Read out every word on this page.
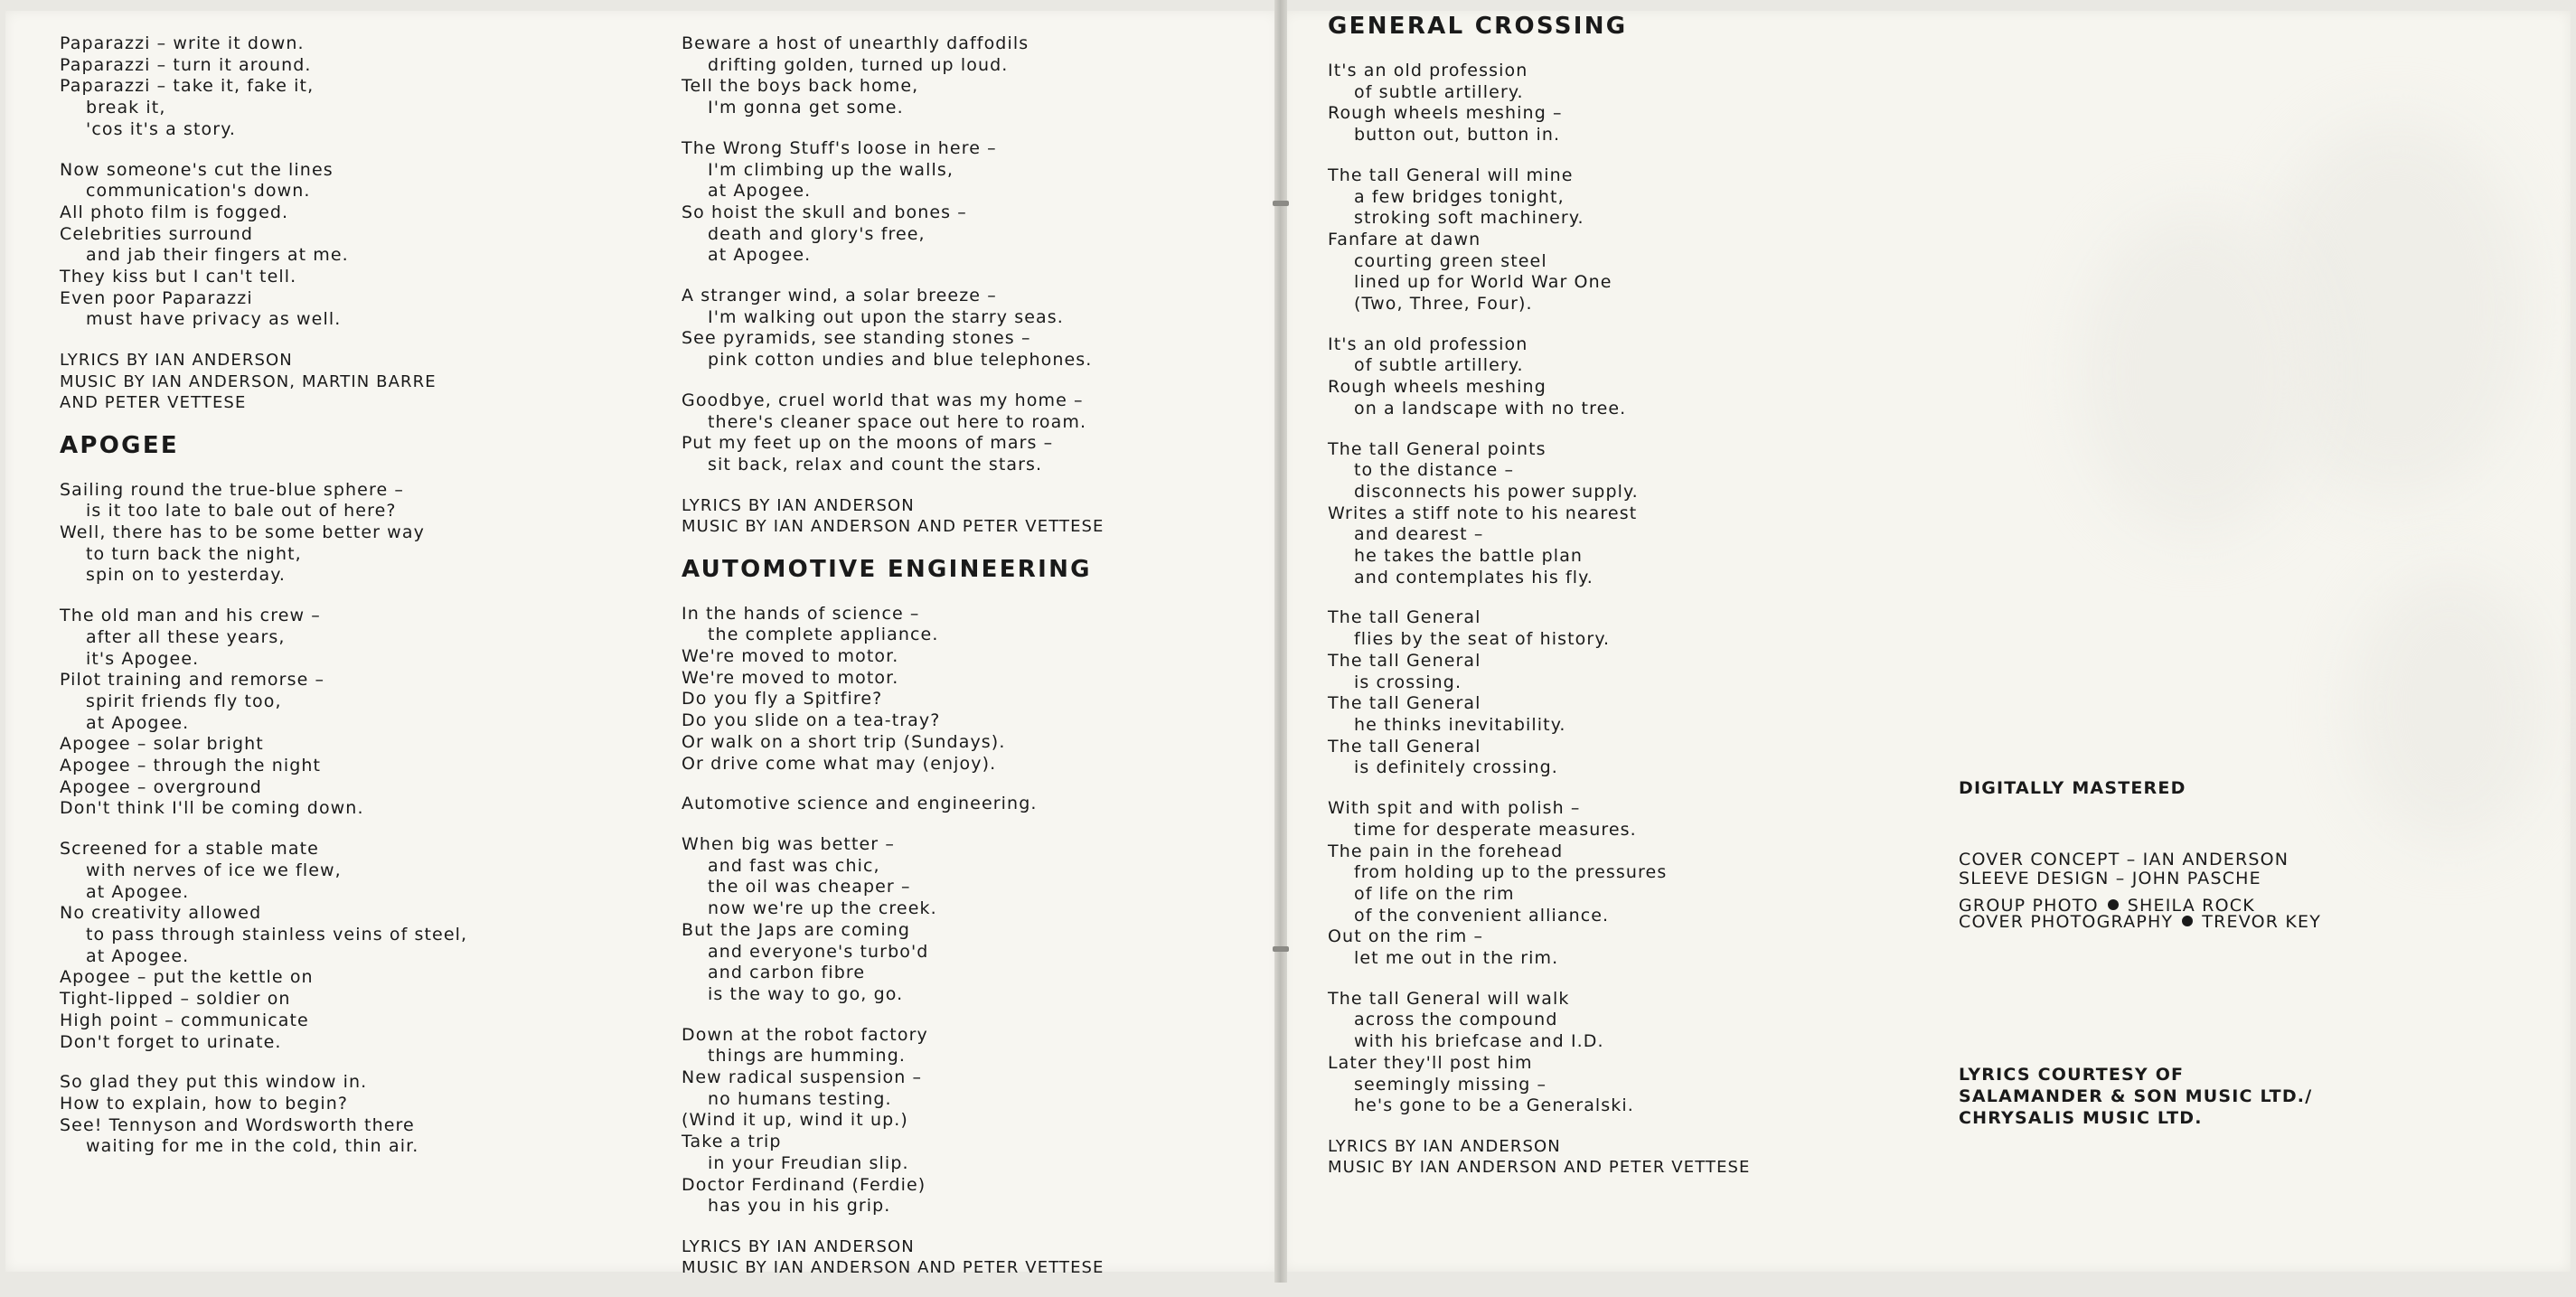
Paparazzi – write it down.
Paparazzi – turn it around.
Paparazzi – take it, fake it,
break it,
'cos it's a story.
Now someone's cut the lines
communication's down.
All photo film is fogged.
Celebrities surround
and jab their fingers at me.
They kiss but I can't tell.
Even poor Paparazzi
must have privacy as well.
LYRICS BY IAN ANDERSON
MUSIC BY IAN ANDERSON, MARTIN BARRE
AND PETER VETTESE
APOGEE
Sailing round the true-blue sphere –
is it too late to bale out of here?
Well, there has to be some better way
to turn back the night,
spin on to yesterday.
The old man and his crew –
after all these years,
it's Apogee.
Pilot training and remorse –
spirit friends fly too,
at Apogee.
Apogee – solar bright
Apogee – through the night
Apogee – overground
Don't think I'll be coming down.
Screened for a stable mate
with nerves of ice we flew,
at Apogee.
No creativity allowed
to pass through stainless veins of steel,
at Apogee.
Apogee – put the kettle on
Tight-lipped – soldier on
High point – communicate
Don't forget to urinate.
So glad they put this window in.
How to explain, how to begin?
See! Tennyson and Wordsworth there
waiting for me in the cold, thin air.
Beware a host of unearthly daffodils
drifting golden, turned up loud.
Tell the boys back home,
I'm gonna get some.
The Wrong Stuff's loose in here –
I'm climbing up the walls,
at Apogee.
So hoist the skull and bones –
death and glory's free,
at Apogee.
A stranger wind, a solar breeze –
I'm walking out upon the starry seas.
See pyramids, see standing stones –
pink cotton undies and blue telephones.
Goodbye, cruel world that was my home –
there's cleaner space out here to roam.
Put my feet up on the moons of mars –
sit back, relax and count the stars.
LYRICS BY IAN ANDERSON
MUSIC BY IAN ANDERSON AND PETER VETTESE
AUTOMOTIVE ENGINEERING
In the hands of science –
the complete appliance.
We're moved to motor.
We're moved to motor.
Do you fly a Spitfire?
Do you slide on a tea-tray?
Or walk on a short trip (Sundays).
Or drive come what may (enjoy).
Automotive science and engineering.
When big was better –
and fast was chic,
the oil was cheaper –
now we're up the creek.
But the Japs are coming
and everyone's turbo'd
and carbon fibre
is the way to go, go.
Down at the robot factory
things are humming.
New radical suspension –
no humans testing.
(Wind it up, wind it up.)
Take a trip
in your Freudian slip.
Doctor Ferdinand (Ferdie)
has you in his grip.
LYRICS BY IAN ANDERSON
MUSIC BY IAN ANDERSON AND PETER VETTESE
GENERAL CROSSING
It's an old profession
of subtle artillery.
Rough wheels meshing –
button out, button in.
The tall General will mine
a few bridges tonight,
stroking soft machinery.
Fanfare at dawn
courting green steel
lined up for World War One
(Two, Three, Four).
It's an old profession
of subtle artillery.
Rough wheels meshing
on a landscape with no tree.
The tall General points
to the distance –
disconnects his power supply.
Writes a stiff note to his nearest
and dearest –
he takes the battle plan
and contemplates his fly.
The tall General
flies by the seat of history.
The tall General
is crossing.
The tall General
he thinks inevitability.
The tall General
is definitely crossing.
With spit and with polish –
time for desperate measures.
The pain in the forehead
from holding up to the pressures
of life on the rim
of the convenient alliance.
Out on the rim –
let me out in the rim.
The tall General will walk
across the compound
with his briefcase and I.D.
Later they'll post him
seemingly missing –
he's gone to be a Generalski.
LYRICS BY IAN ANDERSON
MUSIC BY IAN ANDERSON AND PETER VETTESE
DIGITALLY MASTERED
COVER CONCEPT – IAN ANDERSON
SLEEVE DESIGN – JOHN PASCHE
GROUP PHOTO SHEILA ROCK
COVER PHOTOGRAPHY TREVOR KEY
LYRICS COURTESY OF
SALAMANDER & SON MUSIC LTD./
CHRYSALIS MUSIC LTD.
